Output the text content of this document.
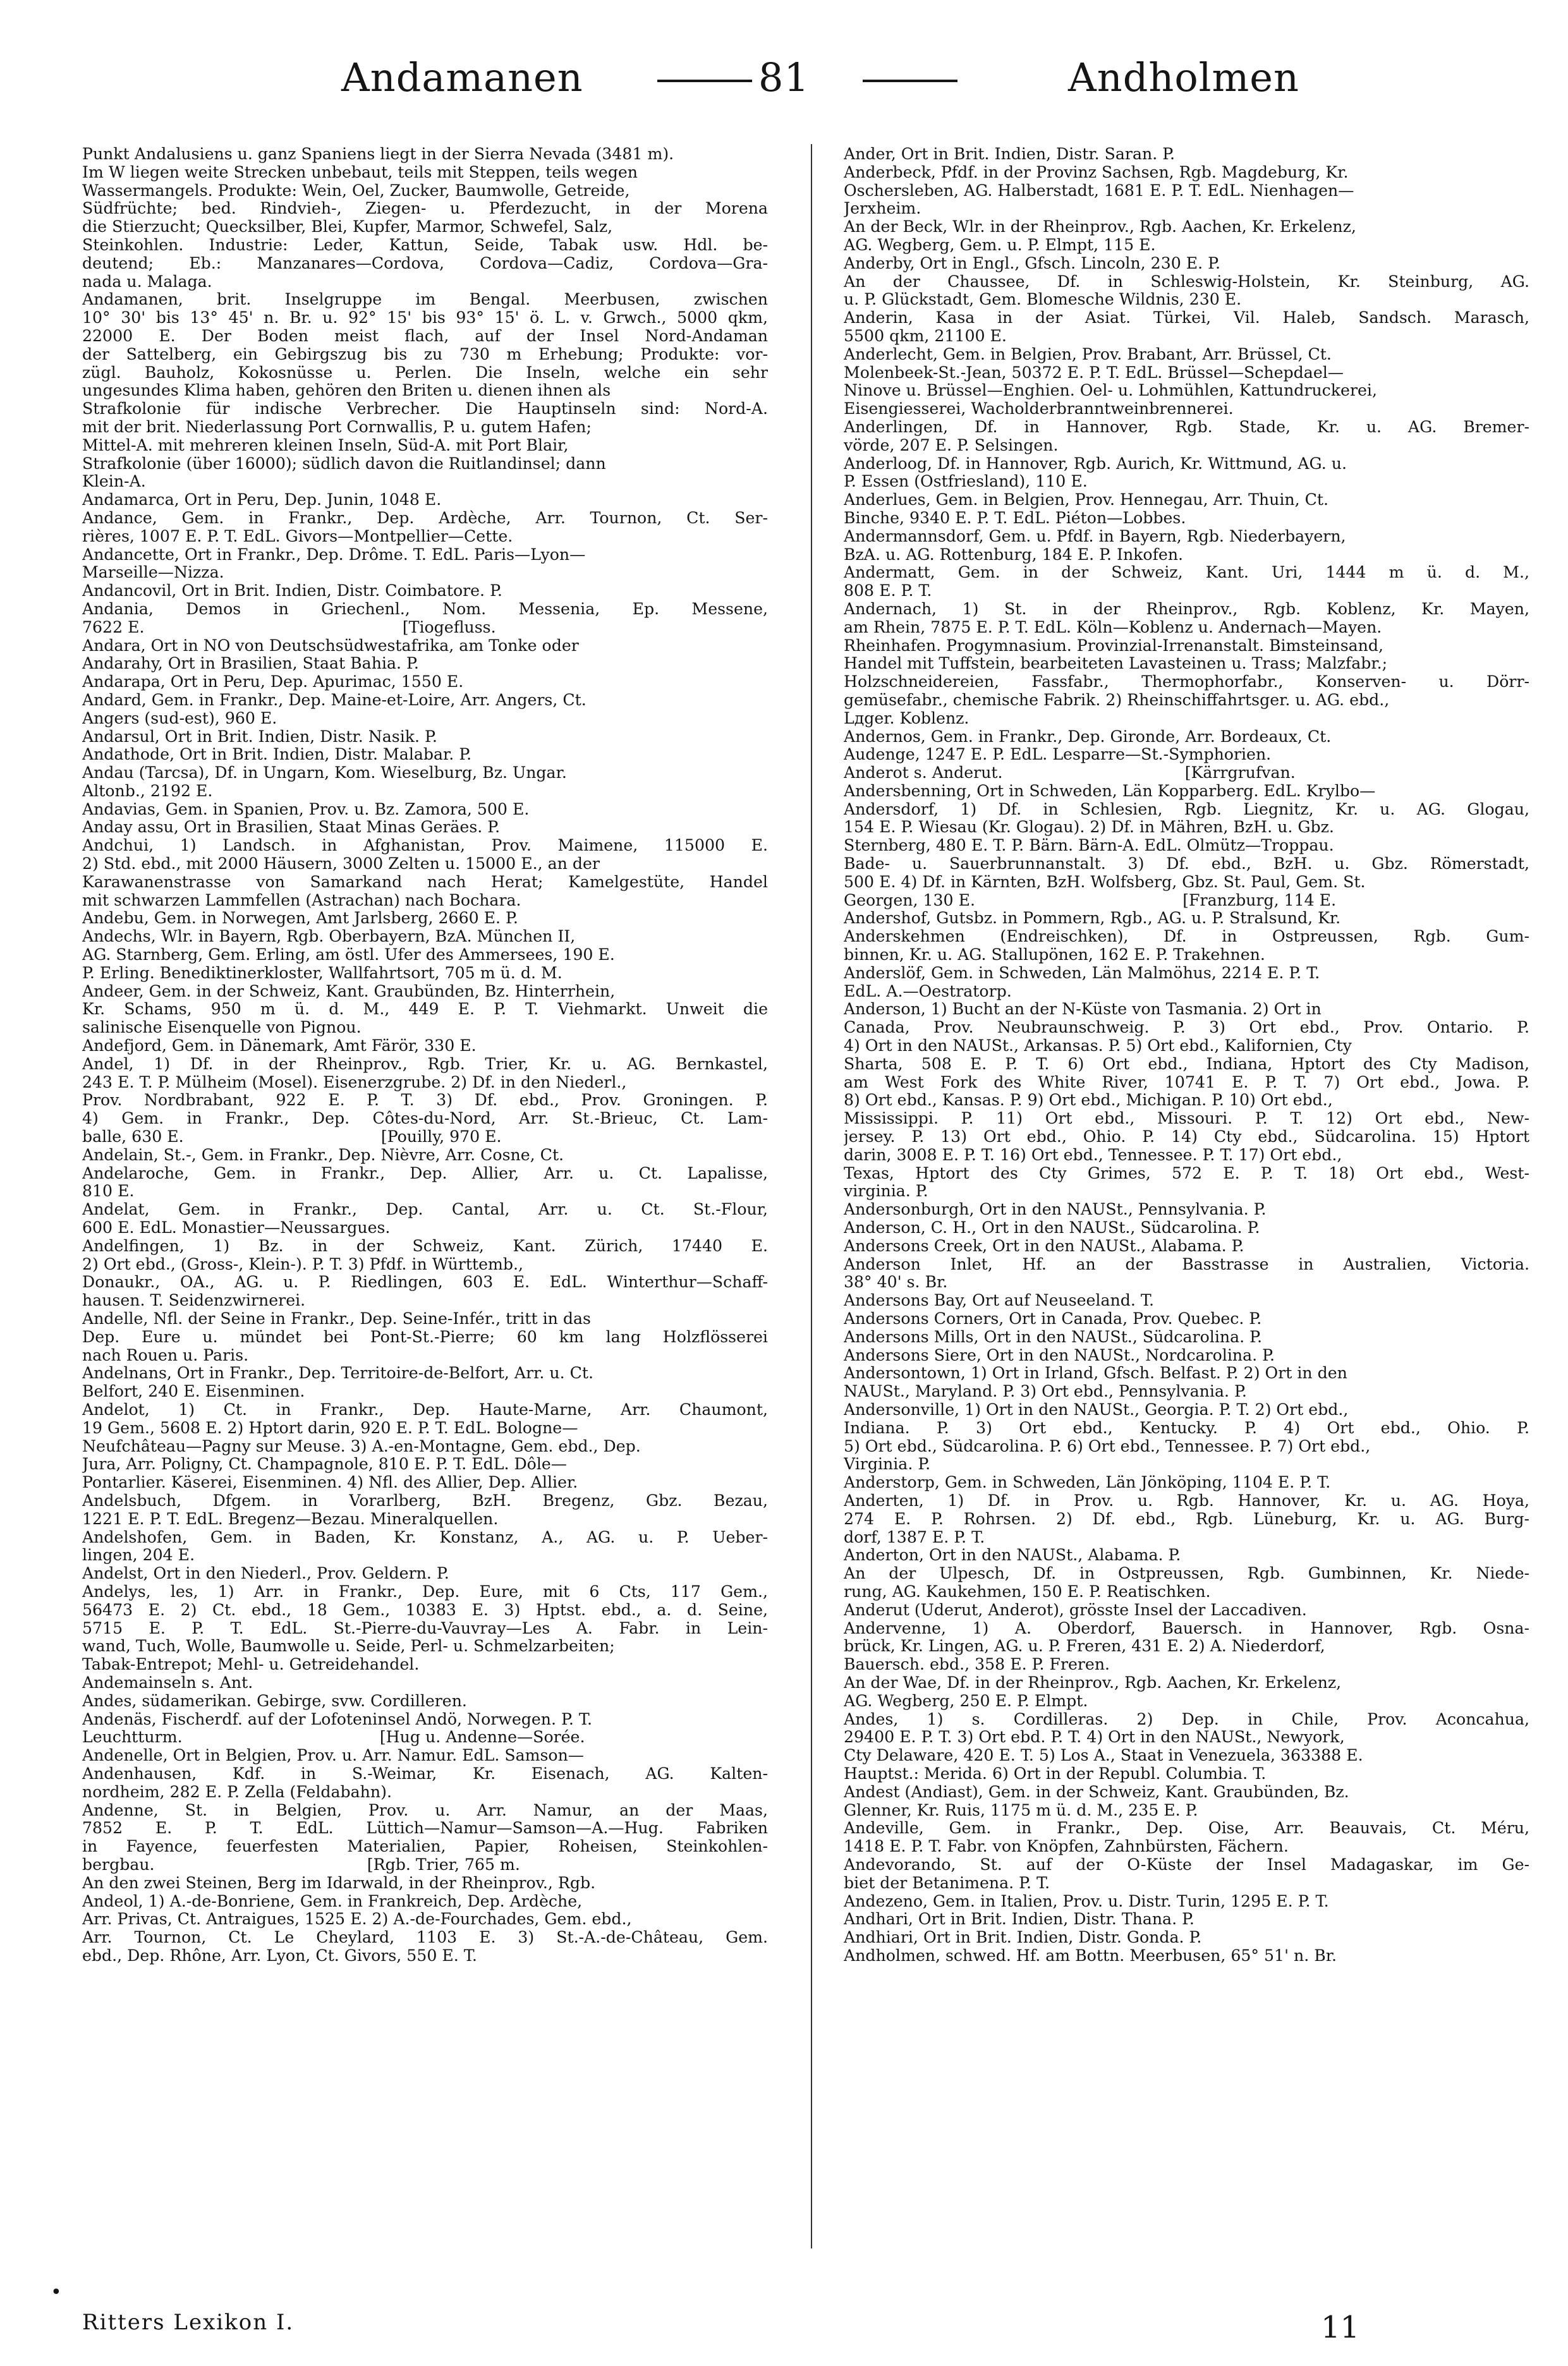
Andamanen	81	Andholmen
Punkt Andalusiens u. ganz Spaniens liegt in der Sierra Nevada (3481 m).
Im W liegen weite Strecken unbebaut, teils mit Steppen, teils wegen
Wassermangels. Produkte: Wein, Oel, Zucker, Baumwolle, Getreide,
Südfrüchte; bed. Rindvieh-, Ziegen- u. Pferdezucht, in der Morena
die Stierzucht; Quecksilber, Blei, Kupfer, Marmor, Schwefel, Salz,
Steinkohlen. Industrie: Leder, Kattun, Seide, Tabak usw. Hdl. be-
deutend; Eb.: Manzanares—Cordova, Cordova—Cadiz, Cordova—Gra-
nada u. Malaga.
Andamanen, brit. Inselgruppe im Bengal. Meerbusen, zwischen
10° 30' bis 13° 45' n. Br. u. 92° 15' bis 93° 15' ö. L. v. Grwch., 5000 qkm,
22000 E. Der Boden meist flach, auf der Insel Nord-Andaman
der Sattelberg, ein Gebirgszug bis zu 730 m Erhebung; Produkte: vor-
zügl. Bauholz, Kokosnüsse u. Perlen. Die Inseln, welche ein sehr
ungesundes Klima haben, gehören den Briten u. dienen ihnen als
Strafkolonie für indische Verbrecher. Die Hauptinseln sind: Nord-A.
mit der brit. Niederlassung Port Cornwallis, P. u. gutem Hafen;
Mittel-A. mit mehreren kleinen Inseln, Süd-A. mit Port Blair,
Strafkolonie (über 16000); südlich davon die Ruitlandinsel; dann
Klein-A.
Andamarca, Ort in Peru, Dep. Junin, 1048 E.
Andance, Gem. in Frankr., Dep. Ardèche, Arr. Tournon, Ct. Ser-
rières, 1007 E. P. T. EdL. Givors—Montpellier—Cette.
Andancette, Ort in Frankr., Dep. Drôme. T. EdL. Paris—Lyon—
Marseille—Nizza.
Andancovil, Ort in Brit. Indien, Distr. Coimbatore. P.
Andania, Demos in Griechenl., Nom. Messenia, Ep. Messene,
7622 E.                                                   [Tiogefluss.
Andara, Ort in NO von Deutschsüdwestafrika, am Tonke oder
Andarahy, Ort in Brasilien, Staat Bahia. P.
Andarapa, Ort in Peru, Dep. Apurimac, 1550 E.
Andard, Gem. in Frankr., Dep. Maine-et-Loire, Arr. Angers, Ct.
Angers (sud-est), 960 E.
Andarsul, Ort in Brit. Indien, Distr. Nasik. P.
Andathode, Ort in Brit. Indien, Distr. Malabar. P.
Andau (Tarcsa), Df. in Ungarn, Kom. Wieselburg, Bz. Ungar.
Altonb., 2192 E.
Andavias, Gem. in Spanien, Prov. u. Bz. Zamora, 500 E.
Anday assu, Ort in Brasilien, Staat Minas Geräes. P.
Andchui, 1) Landsch. in Afghanistan, Prov. Maimene, 115000 E.
2) Std. ebd., mit 2000 Häusern, 3000 Zelten u. 15000 E., an der
Karawanenstrasse von Samarkand nach Herat; Kamelgestüte, Handel
mit schwarzen Lammfellen (Astrachan) nach Bochara.
Andebu, Gem. in Norwegen, Amt Jarlsberg, 2660 E. P.
Andechs, Wlr. in Bayern, Rgb. Oberbayern, BzA. München II,
AG. Starnberg, Gem. Erling, am östl. Ufer des Ammersees, 190 E.
P. Erling. Benediktinerkloster, Wallfahrtsort, 705 m ü. d. M.
Andeer, Gem. in der Schweiz, Kant. Graubünden, Bz. Hinterrhein,
Kr. Schams, 950 m ü. d. M., 449 E. P. T. Viehmarkt. Unweit die
salinische Eisenquelle von Pignou.
Andefjord, Gem. in Dänemark, Amt Färör, 330 E.
Andel, 1) Df. in der Rheinprov., Rgb. Trier, Kr. u. AG. Bernkastel,
243 E. T. P. Mülheim (Mosel). Eisenerzgrube. 2) Df. in den Niederl.,
Prov. Nordbrabant, 922 E. P. T. 3) Df. ebd., Prov. Groningen. P.
4) Gem. in Frankr., Dep. Côtes-du-Nord, Arr. St.-Brieuc, Ct. Lam-
balle, 630 E.                                       [Pouilly, 970 E.
Andelain, St.-, Gem. in Frankr., Dep. Nièvre, Arr. Cosne, Ct.
Andelaroche, Gem. in Frankr., Dep. Allier, Arr. u. Ct. Lapalisse,
810 E.
Andelat, Gem. in Frankr., Dep. Cantal, Arr. u. Ct. St.-Flour,
600 E. EdL. Monastier—Neussargues.
Andelfingen, 1) Bz. in der Schweiz, Kant. Zürich, 17440 E.
2) Ort ebd., (Gross-, Klein-). P. T. 3) Pfdf. in Württemb.,
Donaukr., OA., AG. u. P. Riedlingen, 603 E. EdL. Winterthur—Schaff-
hausen. T. Seidenzwirnerei.
Andelle, Nfl. der Seine in Frankr., Dep. Seine-Infér., tritt in das
Dep. Eure u. mündet bei Pont-St.-Pierre; 60 km lang Holzflösserei
nach Rouen u. Paris.
Andelnans, Ort in Frankr., Dep. Territoire-de-Belfort, Arr. u. Ct.
Belfort, 240 E. Eisenminen.
Andelot, 1) Ct. in Frankr., Dep. Haute-Marne, Arr. Chaumont,
19 Gem., 5608 E. 2) Hptort darin, 920 E. P. T. EdL. Bologne—
Neufchâteau—Pagny sur Meuse. 3) A.-en-Montagne, Gem. ebd., Dep.
Jura, Arr. Poligny, Ct. Champagnole, 810 E. P. T. EdL. Dôle—
Pontarlier. Käserei, Eisenminen. 4) Nfl. des Allier, Dep. Allier.
Andelsbuch, Dfgem. in Vorarlberg, BzH. Bregenz, Gbz. Bezau,
1221 E. P. T. EdL. Bregenz—Bezau. Mineralquellen.
Andelshofen, Gem. in Baden, Kr. Konstanz, A., AG. u. P. Ueber-
lingen, 204 E.
Andelst, Ort in den Niederl., Prov. Geldern. P.
Andelys, les, 1) Arr. in Frankr., Dep. Eure, mit 6 Cts, 117 Gem.,
56473 E. 2) Ct. ebd., 18 Gem., 10383 E. 3) Hptst. ebd., a. d. Seine,
5715 E. P. T. EdL. St.-Pierre-du-Vauvray—Les A. Fabr. in Lein-
wand, Tuch, Wolle, Baumwolle u. Seide, Perl- u. Schmelzarbeiten;
Tabak-Entrepot; Mehl- u. Getreidehandel.
Andemainseln s. Ant.
Andes, südamerikan. Gebirge, svw. Cordilleren.
Andenäs, Fischerdf. auf der Lofoteninsel Andö, Norwegen. P. T.
Leuchtturm.                                       [Hug u. Andenne—Sorée.
Andenelle, Ort in Belgien, Prov. u. Arr. Namur. EdL. Samson—
Andenhausen, Kdf. in S.-Weimar, Kr. Eisenach, AG. Kalten-
nordheim, 282 E. P. Zella (Feldabahn).
Andenne, St. in Belgien, Prov. u. Arr. Namur, an der Maas,
7852 E. P. T. EdL. Lüttich—Namur—Samson—A.—Hug. Fabriken
in Fayence, feuerfesten Materialien, Papier, Roheisen, Steinkohlen-
bergbau.                                          [Rgb. Trier, 765 m.
An den zwei Steinen, Berg im Idarwald, in der Rheinprov., Rgb.
Andeol, 1) A.-de-Bonriene, Gem. in Frankreich, Dep. Ardèche,
Arr. Privas, Ct. Antraigues, 1525 E. 2) A.-de-Fourchades, Gem. ebd.,
Arr. Tournon, Ct. Le Cheylard, 1103 E. 3) St.-A.-de-Château, Gem.
ebd., Dep. Rhône, Arr. Lyon, Ct. Givors, 550 E. T.
Ander, Ort in Brit. Indien, Distr. Saran. P.
Anderbeck, Pfdf. in der Provinz Sachsen, Rgb. Magdeburg, Kr.
Oschersleben, AG. Halberstadt, 1681 E. P. T. EdL. Nienhagen—
Jerxheim.
An der Beck, Wlr. in der Rheinprov., Rgb. Aachen, Kr. Erkelenz,
AG. Wegberg, Gem. u. P. Elmpt, 115 E.
Anderby, Ort in Engl., Gfsch. Lincoln, 230 E. P.
An der Chaussee, Df. in Schleswig-Holstein, Kr. Steinburg, AG.
u. P. Glückstadt, Gem. Blomesche Wildnis, 230 E.
Anderin, Kasa in der Asiat. Türkei, Vil. Haleb, Sandsch. Marasch,
5500 qkm, 21100 E.
Anderlecht, Gem. in Belgien, Prov. Brabant, Arr. Brüssel, Ct.
Molenbeek-St.-Jean, 50372 E. P. T. EdL. Brüssel—Schepdael—
Ninove u. Brüssel—Enghien. Oel- u. Lohmühlen, Kattundruckerei,
Eisengiesserei, Wacholderbranntweinbrennerei.
Anderlingen, Df. in Hannover, Rgb. Stade, Kr. u. AG. Bremer-
vörde, 207 E. P. Selsingen.
Anderloog, Df. in Hannover, Rgb. Aurich, Kr. Wittmund, AG. u.
P. Essen (Ostfriesland), 110 E.
Anderlues, Gem. in Belgien, Prov. Hennegau, Arr. Thuin, Ct.
Binche, 9340 E. P. T. EdL. Piéton—Lobbes.
Andermannsdorf, Gem. u. Pfdf. in Bayern, Rgb. Niederbayern,
BzA. u. AG. Rottenburg, 184 E. P. Inkofen.
Andermatt, Gem. in der Schweiz, Kant. Uri, 1444 m ü. d. M.,
808 E. P. T.
Andernach, 1) St. in der Rheinprov., Rgb. Koblenz, Kr. Mayen,
am Rhein, 7875 E. P. T. EdL. Köln—Koblenz u. Andernach—Mayen.
Rheinhafen. Progymnasium. Provinzial-Irrenanstalt. Bimsteinsand,
Handel mit Tuffstein, bearbeiteten Lavasteinen u. Trass; Malzfabr.;
Holzschneidereien, Fassfabr., Thermophorfabr., Konserven- u. Dörr-
gemüsefabr., chemische Fabrik. 2) Rheinschiffahrtsger. u. AG. ebd.,
Lдger. Koblenz.
Andernos, Gem. in Frankr., Dep. Gironde, Arr. Bordeaux, Ct.
Audenge, 1247 E. P. EdL. Lesparre—St.-Symphorien.
Anderot s. Anderut.                                    [Kärrgrufvan.
Andersbenning, Ort in Schweden, Län Kopparberg. EdL. Krylbo—
Andersdorf, 1) Df. in Schlesien, Rgb. Liegnitz, Kr. u. AG. Glogau,
154 E. P. Wiesau (Kr. Glogau). 2) Df. in Mähren, BzH. u. Gbz.
Sternberg, 480 E. T. P. Bärn. Bärn-A. EdL. Olmütz—Troppau.
Bade- u. Sauerbrunnanstalt. 3) Df. ebd., BzH. u. Gbz. Römerstadt,
500 E. 4) Df. in Kärnten, BzH. Wolfsberg, Gbz. St. Paul, Gem. St.
Georgen, 130 E.                                         [Franzburg, 114 E.
Andershof, Gutsbz. in Pommern, Rgb., AG. u. P. Stralsund, Kr.
Anderskehmen (Endreischken), Df. in Ostpreussen, Rgb. Gum-
binnen, Kr. u. AG. Stallupönen, 162 E. P. Trakehnen.
Anderslöf, Gem. in Schweden, Län Malmöhus, 2214 E. P. T.
EdL. A.—Oestratorp.
Anderson, 1) Bucht an der N-Küste von Tasmania. 2) Ort in
Canada, Prov. Neubraunschweig. P. 3) Ort ebd., Prov. Ontario. P.
4) Ort in den NAUSt., Arkansas. P. 5) Ort ebd., Kalifornien, Cty
Sharta, 508 E. P. T. 6) Ort ebd., Indiana, Hptort des Cty Madison,
am West Fork des White River, 10741 E. P. T. 7) Ort ebd., Jowa. P.
8) Ort ebd., Kansas. P. 9) Ort ebd., Michigan. P. 10) Ort ebd.,
Mississippi. P. 11) Ort ebd., Missouri. P. T. 12) Ort ebd., New-
jersey. P. 13) Ort ebd., Ohio. P. 14) Cty ebd., Südcarolina. 15) Hptort
darin, 3008 E. P. T. 16) Ort ebd., Tennessee. P. T. 17) Ort ebd.,
Texas, Hptort des Cty Grimes, 572 E. P. T. 18) Ort ebd., West-
virginia. P.
Andersonburgh, Ort in den NAUSt., Pennsylvania. P.
Anderson, C. H., Ort in den NAUSt., Südcarolina. P.
Andersons Creek, Ort in den NAUSt., Alabama. P.
Anderson Inlet, Hf. an der Basstrasse in Australien, Victoria.
38° 40' s. Br.
Andersons Bay, Ort auf Neuseeland. T.
Andersons Corners, Ort in Canada, Prov. Quebec. P.
Andersons Mills, Ort in den NAUSt., Südcarolina. P.
Andersons Siere, Ort in den NAUSt., Nordcarolina. P.
Andersontown, 1) Ort in Irland, Gfsch. Belfast. P. 2) Ort in den
NAUSt., Maryland. P. 3) Ort ebd., Pennsylvania. P.
Andersonville, 1) Ort in den NAUSt., Georgia. P. T. 2) Ort ebd.,
Indiana. P. 3) Ort ebd., Kentucky. P. 4) Ort ebd., Ohio. P.
5) Ort ebd., Südcarolina. P. 6) Ort ebd., Tennessee. P. 7) Ort ebd.,
Virginia. P.
Anderstorp, Gem. in Schweden, Län Jönköping, 1104 E. P. T.
Anderten, 1) Df. in Prov. u. Rgb. Hannover, Kr. u. AG. Hoya,
274 E. P. Rohrsen. 2) Df. ebd., Rgb. Lüneburg, Kr. u. AG. Burg-
dorf, 1387 E. P. T.
Anderton, Ort in den NAUSt., Alabama. P.
An der Ulpesch, Df. in Ostpreussen, Rgb. Gumbinnen, Kr. Niede-
rung, AG. Kaukehmen, 150 E. P. Reatischken.
Anderut (Uderut, Anderot), grösste Insel der Laccadiven.
Andervenne, 1) A. Oberdorf, Bauersch. in Hannover, Rgb. Osna-
brück, Kr. Lingen, AG. u. P. Freren, 431 E. 2) A. Niederdorf,
Bauersch. ebd., 358 E. P. Freren.
An der Wae, Df. in der Rheinprov., Rgb. Aachen, Kr. Erkelenz,
AG. Wegberg, 250 E. P. Elmpt.
Andes, 1) s. Cordilleras. 2) Dep. in Chile, Prov. Aconcahua,
29400 E. P. T. 3) Ort ebd. P. T. 4) Ort in den NAUSt., Newyork,
Cty Delaware, 420 E. T. 5) Los A., Staat in Venezuela, 363388 E.
Hauptst.: Merida. 6) Ort in der Republ. Columbia. T.
Andest (Andiast), Gem. in der Schweiz, Kant. Graubünden, Bz.
Glenner, Kr. Ruis, 1175 m ü. d. M., 235 E. P.
Andeville, Gem. in Frankr., Dep. Oise, Arr. Beauvais, Ct. Méru,
1418 E. P. T. Fabr. von Knöpfen, Zahnbürsten, Fächern.
Andevorando, St. auf der O-Küste der Insel Madagaskar, im Ge-
biet der Betanimena. P. T.
Andezeno, Gem. in Italien, Prov. u. Distr. Turin, 1295 E. P. T.
Andhari, Ort in Brit. Indien, Distr. Thana. P.
Andhiari, Ort in Brit. Indien, Distr. Gonda. P.
Andholmen, schwed. Hf. am Bottn. Meerbusen, 65° 51' n. Br.
•
Ritters Lexikon I.	11
